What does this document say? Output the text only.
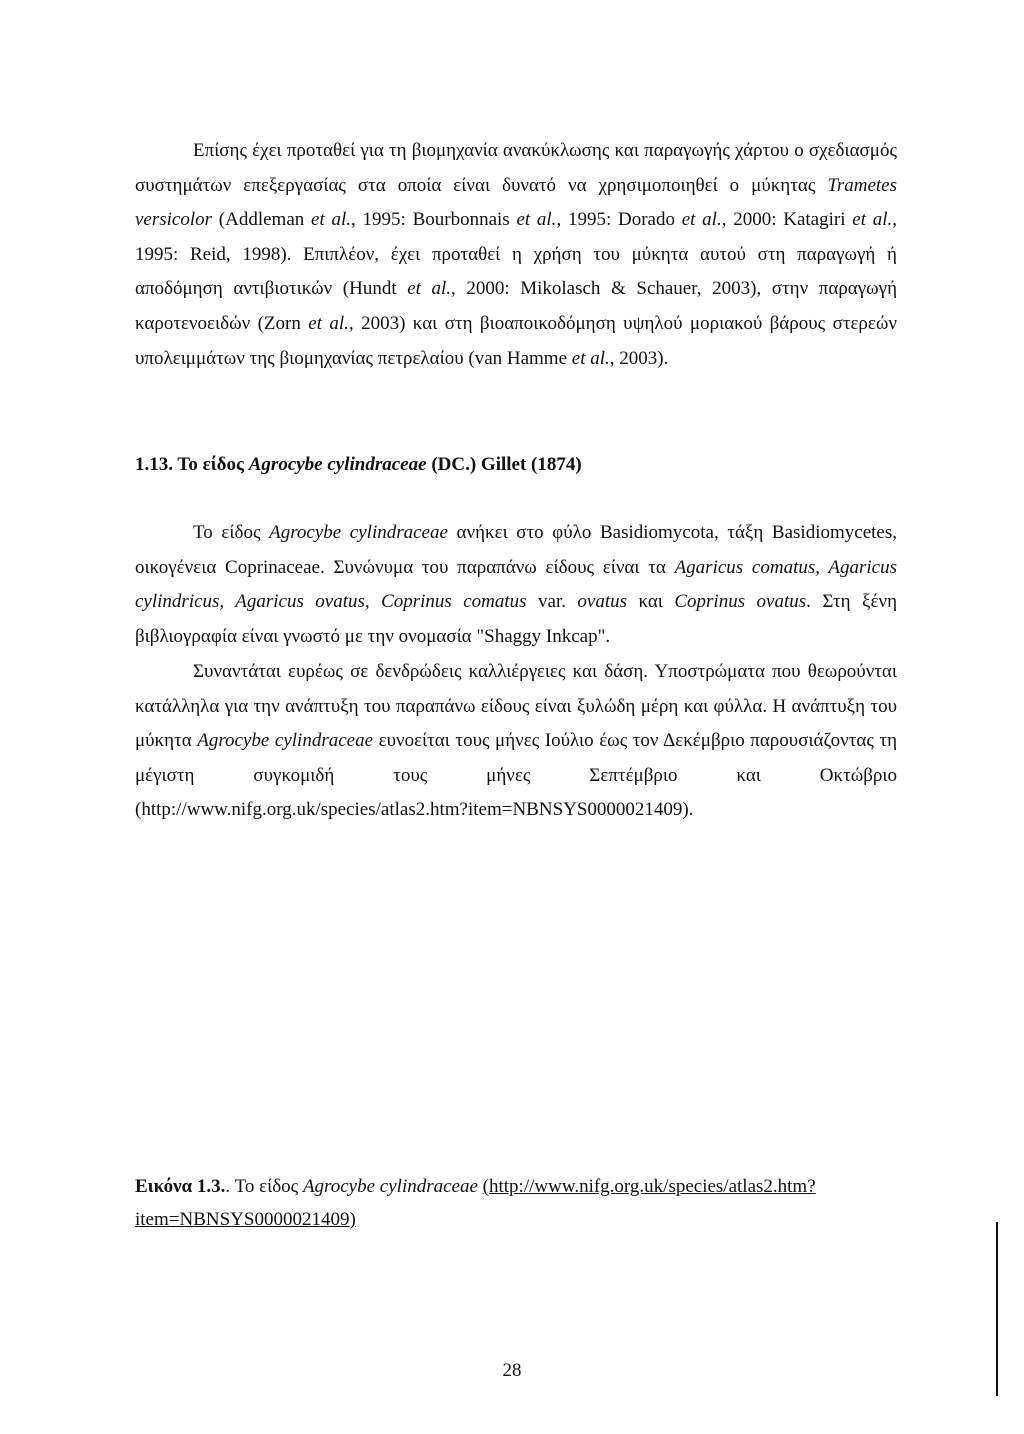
Επίσης έχει προταθεί για τη βιομηχανία ανακύκλωσης και παραγωγής χάρτου ο σχεδιασμός συστημάτων επεξεργασίας στα οποία είναι δυνατό να χρησιμοποιηθεί ο μύκητας Trametes versicolor (Addleman et al., 1995: Bourbonnais et al., 1995: Dorado et al., 2000: Katagiri et al., 1995: Reid, 1998). Επιπλέον, έχει προταθεί η χρήση του μύκητα αυτού στη παραγωγή ή αποδόμηση αντιβιοτικών (Hundt et al., 2000: Mikolasch & Schauer, 2003), στην παραγωγή καροτενοειδών (Zorn et al., 2003) και στη βιοαποικοδόμηση υψηλού μοριακού βάρους στερεών υπολειμμάτων της βιομηχανίας πετρελαίου (van Hamme et al., 2003).

1.13. Το είδος Agrocybe cylindraceae (DC.) Gillet (1874)

Το είδος Agrocybe cylindraceae ανήκει στο φύλο Basidiomycota, τάξη Basidiomycetes, οικογένεια Coprinaceae. Συνώνυμα του παραπάνω είδους είναι τα Agaricus comatus, Agaricus cylindricus, Agaricus ovatus, Coprinus comatus var. ovatus και Coprinus ovatus. Στη ξένη βιβλιογραφία είναι γνωστό με την ονομασία "Shaggy Inkcap".

Συναντάται ευρέως σε δενδρώδεις καλλιέργειες και δάση. Υποστρώματα που θεωρούνται κατάλληλα για την ανάπτυξη του παραπάνω είδους είναι ξυλώδη μέρη και φύλλα. Η ανάπτυξη του μύκητα Agrocybe cylindraceae ευνοείται τους μήνες Ιούλιο έως τον Δεκέμβριο παρουσιάζοντας τη μέγιστη συγκομιδή τους μήνες Σεπτέμβριο και Οκτώβριο (http://www.nifg.org.uk/species/atlas2.htm?item=NBNSYS0000021409).

Εικόνα 1.3.. Το είδος Agrocybe cylindraceae (http://www.nifg.org.uk/species/atlas2.htm?item=NBNSYS0000021409)

28
